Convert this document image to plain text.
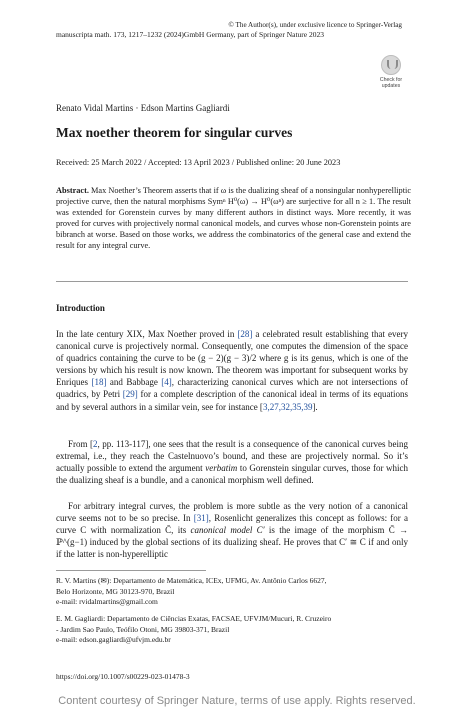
© The Author(s), under exclusive licence to Springer-Verlag
manuscripta math. 173, 1217–1232 (2024)GmbH Germany, part of Springer Nature 2023
Check for
updates
Renato Vidal Martins · Edson Martins Gagliardi
Max noether theorem for singular curves
Received: 25 March 2022 / Accepted: 13 April 2023 / Published online: 20 June 2023
Abstract. Max Noether’s Theorem asserts that if ω is the dualizing sheaf of a nonsingular nonhyperelliptic projective curve, then the natural morphisms Symⁿ H⁰(ω) → H⁰(ωⁿ) are surjective for all n ≥ 1. The result was extended for Gorenstein curves by many different authors in distinct ways. More recently, it was proved for curves with projectively normal canonical models, and curves whose non-Gorenstein points are bibranch at worse. Based on those works, we address the combinatorics of the general case and extend the result for any integral curve.
Introduction
In the late century XIX, Max Noether proved in [28] a celebrated result establishing that every canonical curve is projectively normal. Consequently, one computes the dimension of the space of quadrics containing the curve to be (g − 2)(g − 3)/2 where g is its genus, which is one of the versions by which his result is now known. The theorem was important for subsequent works by Enriques [18] and Babbage [4], characterizing canonical curves which are not intersections of quadrics, by Petri [29] for a complete description of the canonical ideal in terms of its equations and by several authors in a similar vein, see for instance [3,27,32,35,39].
From [2, pp. 113-117], one sees that the result is a consequence of the canonical curves being extremal, i.e., they reach the Castelnuovo’s bound, and these are projectively normal. So it’s actually possible to extend the argument verbatim to Gorenstein singular curves, those for which the dualizing sheaf is a bundle, and a canonical morphism well defined.
For arbitrary integral curves, the problem is more subtle as the very notion of a canonical curve seems not to be so precise. In [31], Rosenlicht generalizes this concept as follows: for a curve C with normalization C̄, its canonical model C′ is the image of the morphism C̄ → ℙ^(g−1) induced by the global sections of its dualizing sheaf. He proves that C′ ≅ C if and only if the latter is non-hyperelliptic
R. V. Martins (✉): Departamento de Matemática, ICEx, UFMG, Av. Antônio Carlos 6627,
Belo Horizonte, MG 30123-970, Brazil
e-mail: rvidalmartins@gmail.com
E. M. Gagliardi: Departamento de Ciências Exatas, FACSAE, UFVJM/Mucuri, R. Cruzeiro
- Jardim Sao Paulo, Teófilo Otoni, MG 39803-371, Brazil
e-mail: edson.gagliardi@ufvjm.edu.br
https://doi.org/10.1007/s00229-023-01478-3
Content courtesy of Springer Nature, terms of use apply. Rights reserved.
